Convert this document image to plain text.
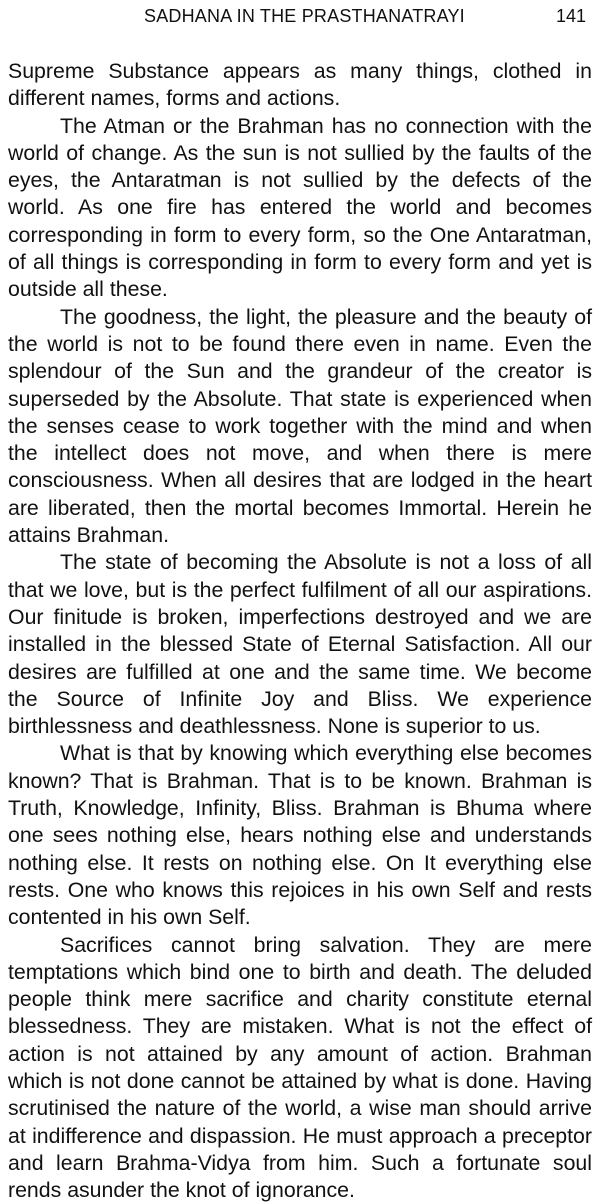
SADHANA IN THE PRASTHANATRAYI	141

Supreme Substance appears as many things, clothed in different names, forms and actions.

The Atman or the Brahman has no connection with the world of change. As the sun is not sullied by the faults of the eyes, the Antaratman is not sullied by the defects of the world. As one fire has entered the world and becomes corresponding in form to every form, so the One Antaratman, of all things is corresponding in form to every form and yet is outside all these.

The goodness, the light, the pleasure and the beauty of the world is not to be found there even in name. Even the splendour of the Sun and the grandeur of the creator is superseded by the Absolute. That state is experienced when the senses cease to work together with the mind and when the intellect does not move, and when there is mere consciousness. When all desires that are lodged in the heart are liberated, then the mortal becomes Immortal. Herein he attains Brahman.

The state of becoming the Absolute is not a loss of all that we love, but is the perfect fulfilment of all our aspirations. Our finitude is broken, imperfections destroyed and we are installed in the blessed State of Eternal Satisfaction. All our desires are fulfilled at one and the same time. We become the Source of Infinite Joy and Bliss. We experience birthlessness and deathlessness. None is superior to us.

What is that by knowing which everything else becomes known? That is Brahman. That is to be known. Brahman is Truth, Knowledge, Infinity, Bliss. Brahman is Bhuma where one sees nothing else, hears nothing else and understands nothing else. It rests on nothing else. On It everything else rests. One who knows this rejoices in his own Self and rests contented in his own Self.

Sacrifices cannot bring salvation. They are mere temptations which bind one to birth and death. The deluded people think mere sacrifice and charity constitute eternal blessedness. They are mistaken. What is not the effect of action is not attained by any amount of action. Brahman which is not done cannot be attained by what is done. Having scrutinised the nature of the world, a wise man should arrive at indifference and dispassion. He must approach a preceptor and learn Brahma-Vidya from him. Such a fortunate soul rends asunder the knot of ignorance.
